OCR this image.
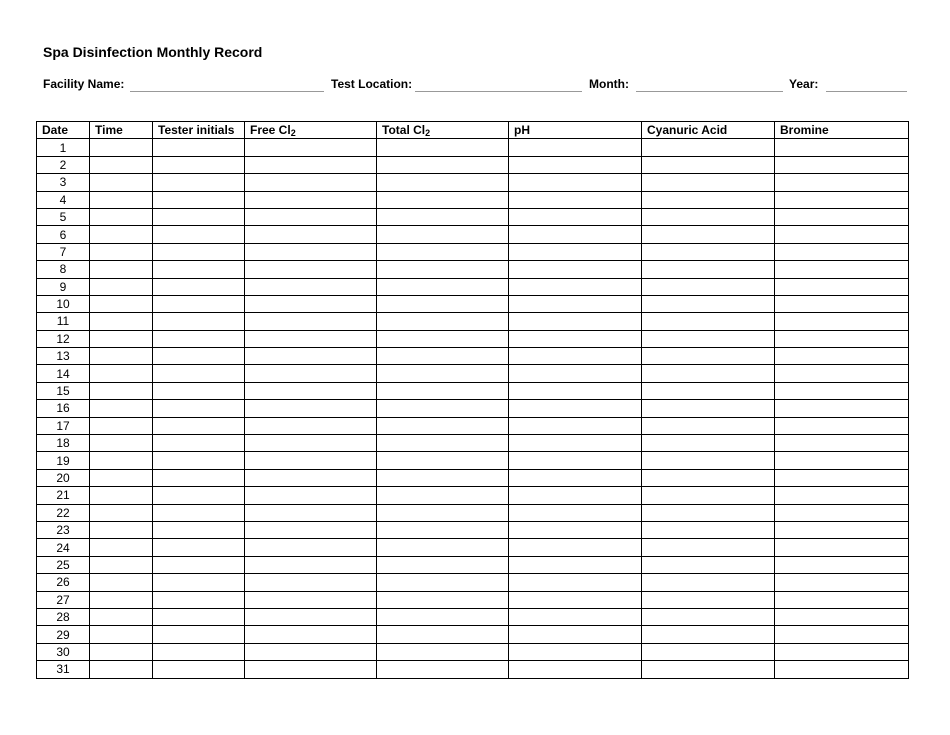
Spa Disinfection Monthly Record
Facility Name:	Test Location:	Month:	Year:
Date	Time	Tester initials	Free $Cl_2$	Total $Cl_2$	pH	Cyanuric Acid	Bromine
1							
2							
3							
4							
5							
6							
7							
8							
9							
10							
11							
12							
13							
14							
15							
16							
17							
18							
19							
20							
21							
22							
23							
24							
25							
26							
27							
28							
29							
30							
31							
